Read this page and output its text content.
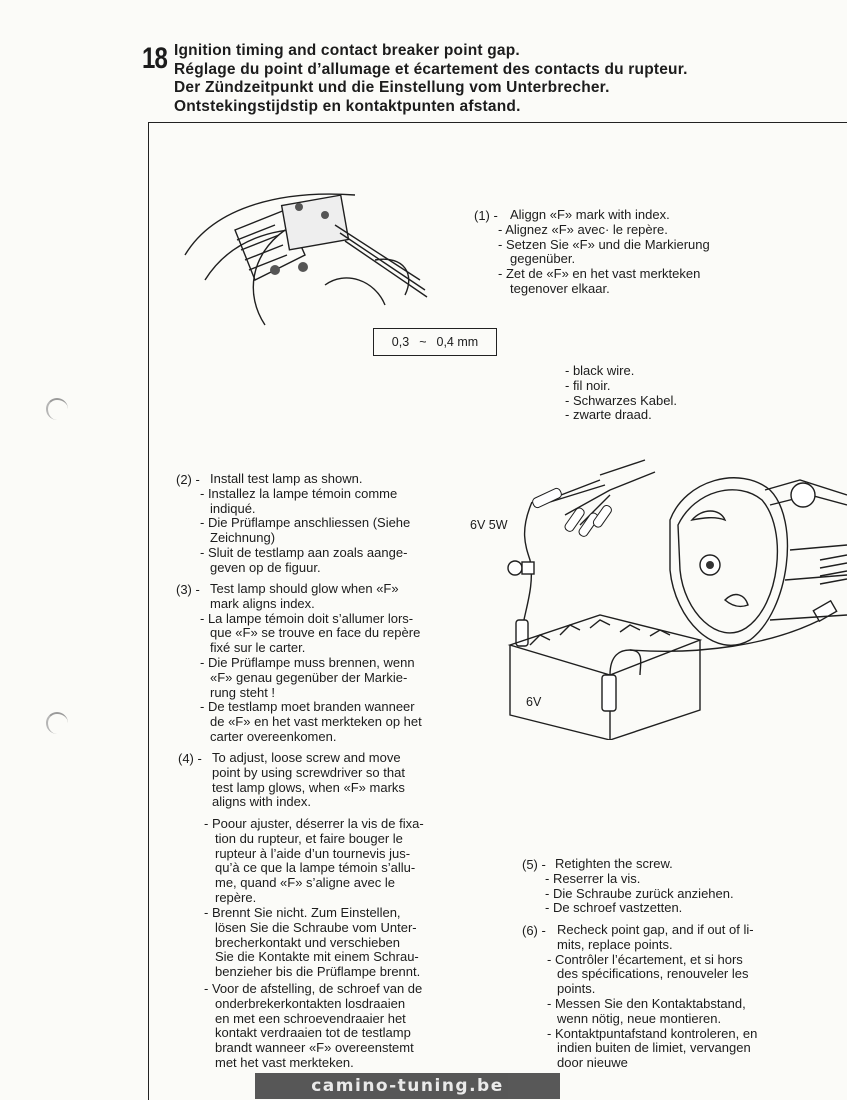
18 Ignition timing and contact breaker point gap.
Réglage du point d’allumage et écartement des contacts du rupteur.
Der Zündzeitpunkt und die Einstellung vom Unterbrecher.
Ontstekingstijdstip en kontaktpunten afstand.
(1) - Aliggn «F» mark with index.
- Alignez «F» avec· le repère.
- Setzen Sie «F» und die Markierung
gegenüber.
- Zet de «F» en het vast merkteken
tegenover elkaar.
0,3 ~ 0,4 mm
- black wire.
- fil noir.
- Schwarzes Kabel.
- zwarte draad.
6V 5W
6V
(2) - Install test lamp as shown.
- Installez la lampe témoin comme
indiqué.
- Die Prüflampe anschliessen (Siehe
Zeichnung)
- Sluit de testlamp aan zoals aange-
geven op de figuur.
(3) - Test lamp should glow when «F»
mark aligns index.
- La lampe témoin doit s’allumer lors-
que «F» se trouve en face du repère
fixé sur le carter.
- Die Prüflampe muss brennen, wenn
«F» genau gegenüber der Markie-
rung steht !
- De testlamp moet branden wanneer
de «F» en het vast merkteken op het
carter overeenkomen.
(4) - To adjust, loose screw and move
point by using screwdriver so that
test lamp glows, when «F» marks
aligns with index.
- Poour ajuster, déserrer la vis de fixa-
tion du rupteur, et faire bouger le
rupteur à l’aide d’un tournevis jus-
qu’à ce que la lampe témoin s’allu-
me, quand «F» s’aligne avec le
repère.
- Brennt Sie nicht. Zum Einstellen,
lösen Sie die Schraube vom Unter-
brecherkontakt und verschieben
Sie die Kontakte mit einem Schrau-
benzieher bis die Prüflampe brennt.
- Voor de afstelling, de schroef van de
onderbrekerkontakten losdraaien
en met een schroevendraaier het
kontakt verdraaien tot de testlamp
brandt wanneer «F» overeenstemt
met het vast merkteken.
(5) - Retighten the screw.
- Reserrer la vis.
- Die Schraube zurück anziehen.
- De schroef vastzetten.
(6) - Recheck point gap, and if out of li-
mits, replace points.
- Contrôler l’écartement, et si hors
des spécifications, renouveler les
points.
- Messen Sie den Kontaktabstand,
wenn nötig, neue montieren.
- Kontaktpuntafstand kontroleren, en
indien buiten de limiet, vervangen
door nieuwe
camino-tuning.be
